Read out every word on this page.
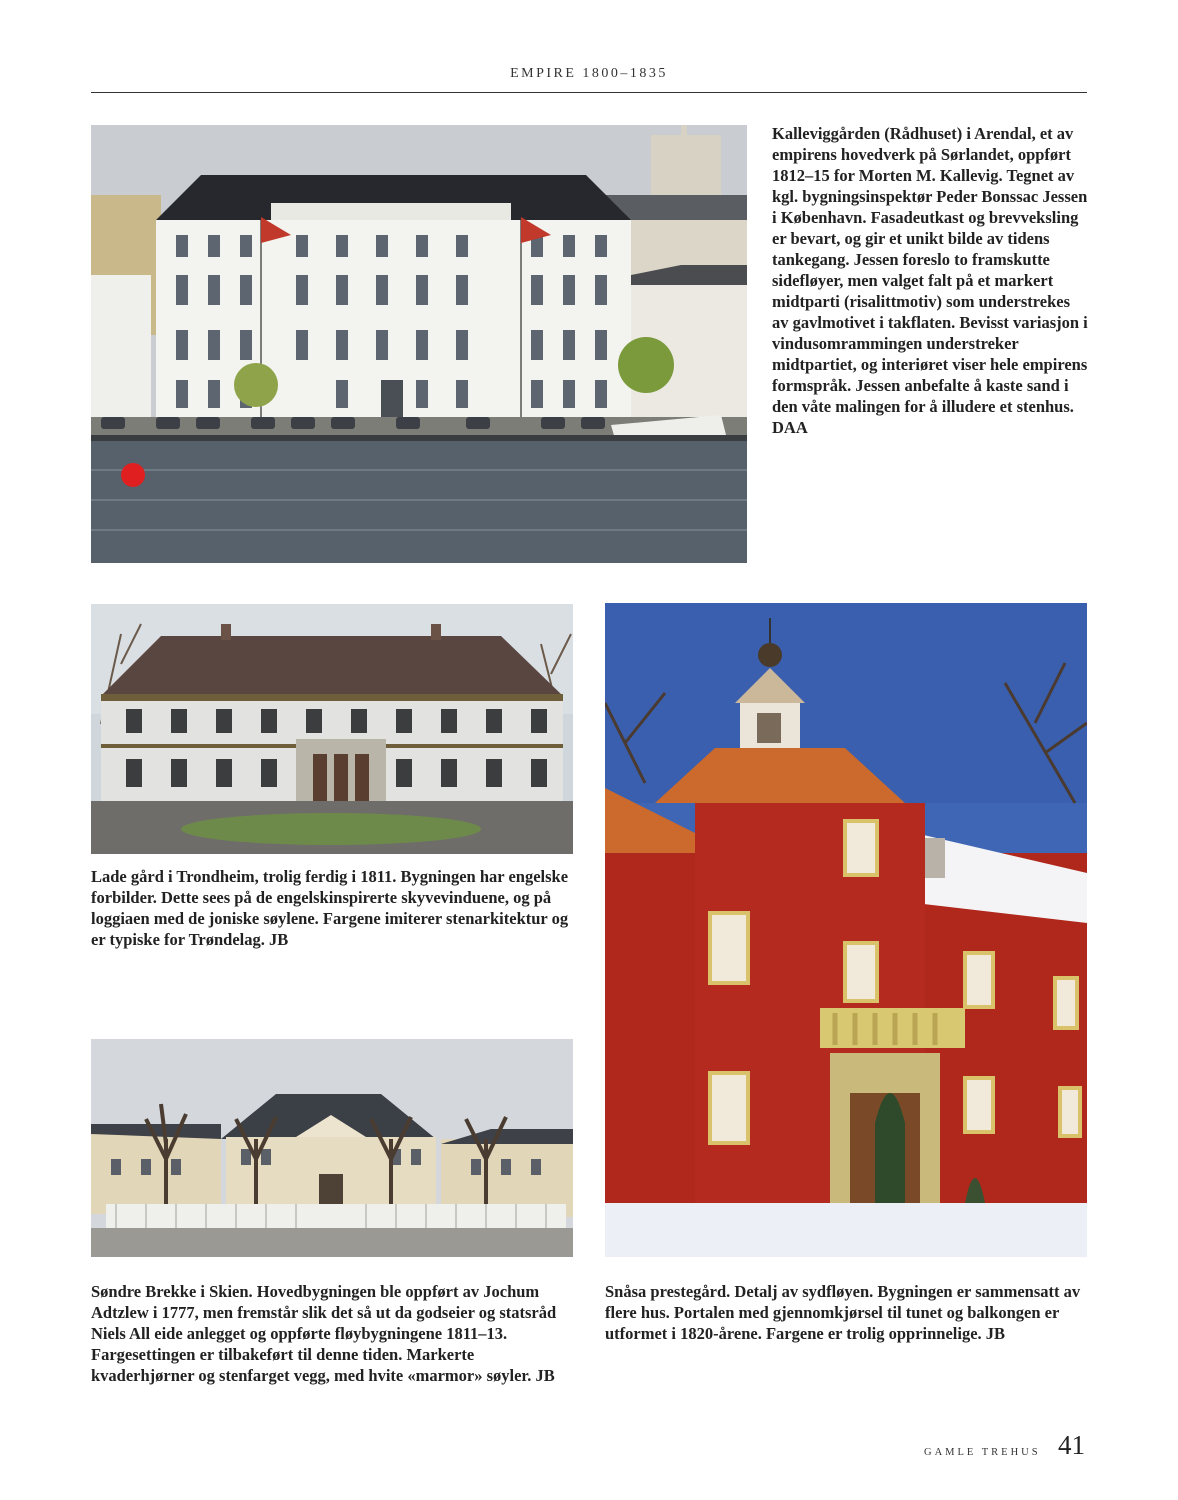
EMPIRE 1800–1835
Kalleviggården (Rådhuset) i Arendal, et av empirens hovedverk på Sørlandet, oppført 1812–15 for Morten M. Kallevig. Tegnet av kgl. bygningsinspektør Peder Bonssac Jessen i København. Fasadeutkast og brevveksling er bevart, og gir et unikt bilde av tidens tankegang. Jessen foreslo to framskutte sidefløyer, men valget falt på et markert midtparti (risalittmotiv) som understrekes av gavlmotivet i takflaten. Bevisst variasjon i vindusomrammingen understreker midtpartiet, og interiøret viser hele empirens formspråk. Jessen anbefalte å kaste sand i den våte malingen for å illudere et stenhus. DAA
Lade gård i Trondheim, trolig ferdig i 1811. Bygningen har engelske forbilder. Dette sees på de engelskinspirerte skyvevinduene, og på loggiaen med de joniske søylene. Fargene imiterer stenarkitektur og er typiske for Trøndelag. JB
Snåsa prestegård. Detalj av sydfløyen. Bygningen er sammensatt av flere hus. Portalen med gjennomkjørsel til tunet og balkongen er utformet i 1820-årene. Fargene er trolig opprinnelige. JB
Søndre Brekke i Skien. Hovedbygningen ble oppført av Jochum Adtzlew i 1777, men fremstår slik det så ut da godseier og statsråd Niels All eide anlegget og oppførte fløybygningene 1811–13. Fargesettingen er tilbakeført til denne tiden. Markerte kvaderhjørner og stenfarget vegg, med hvite «marmor» søyler. JB
GAMLE TREHUS 41
